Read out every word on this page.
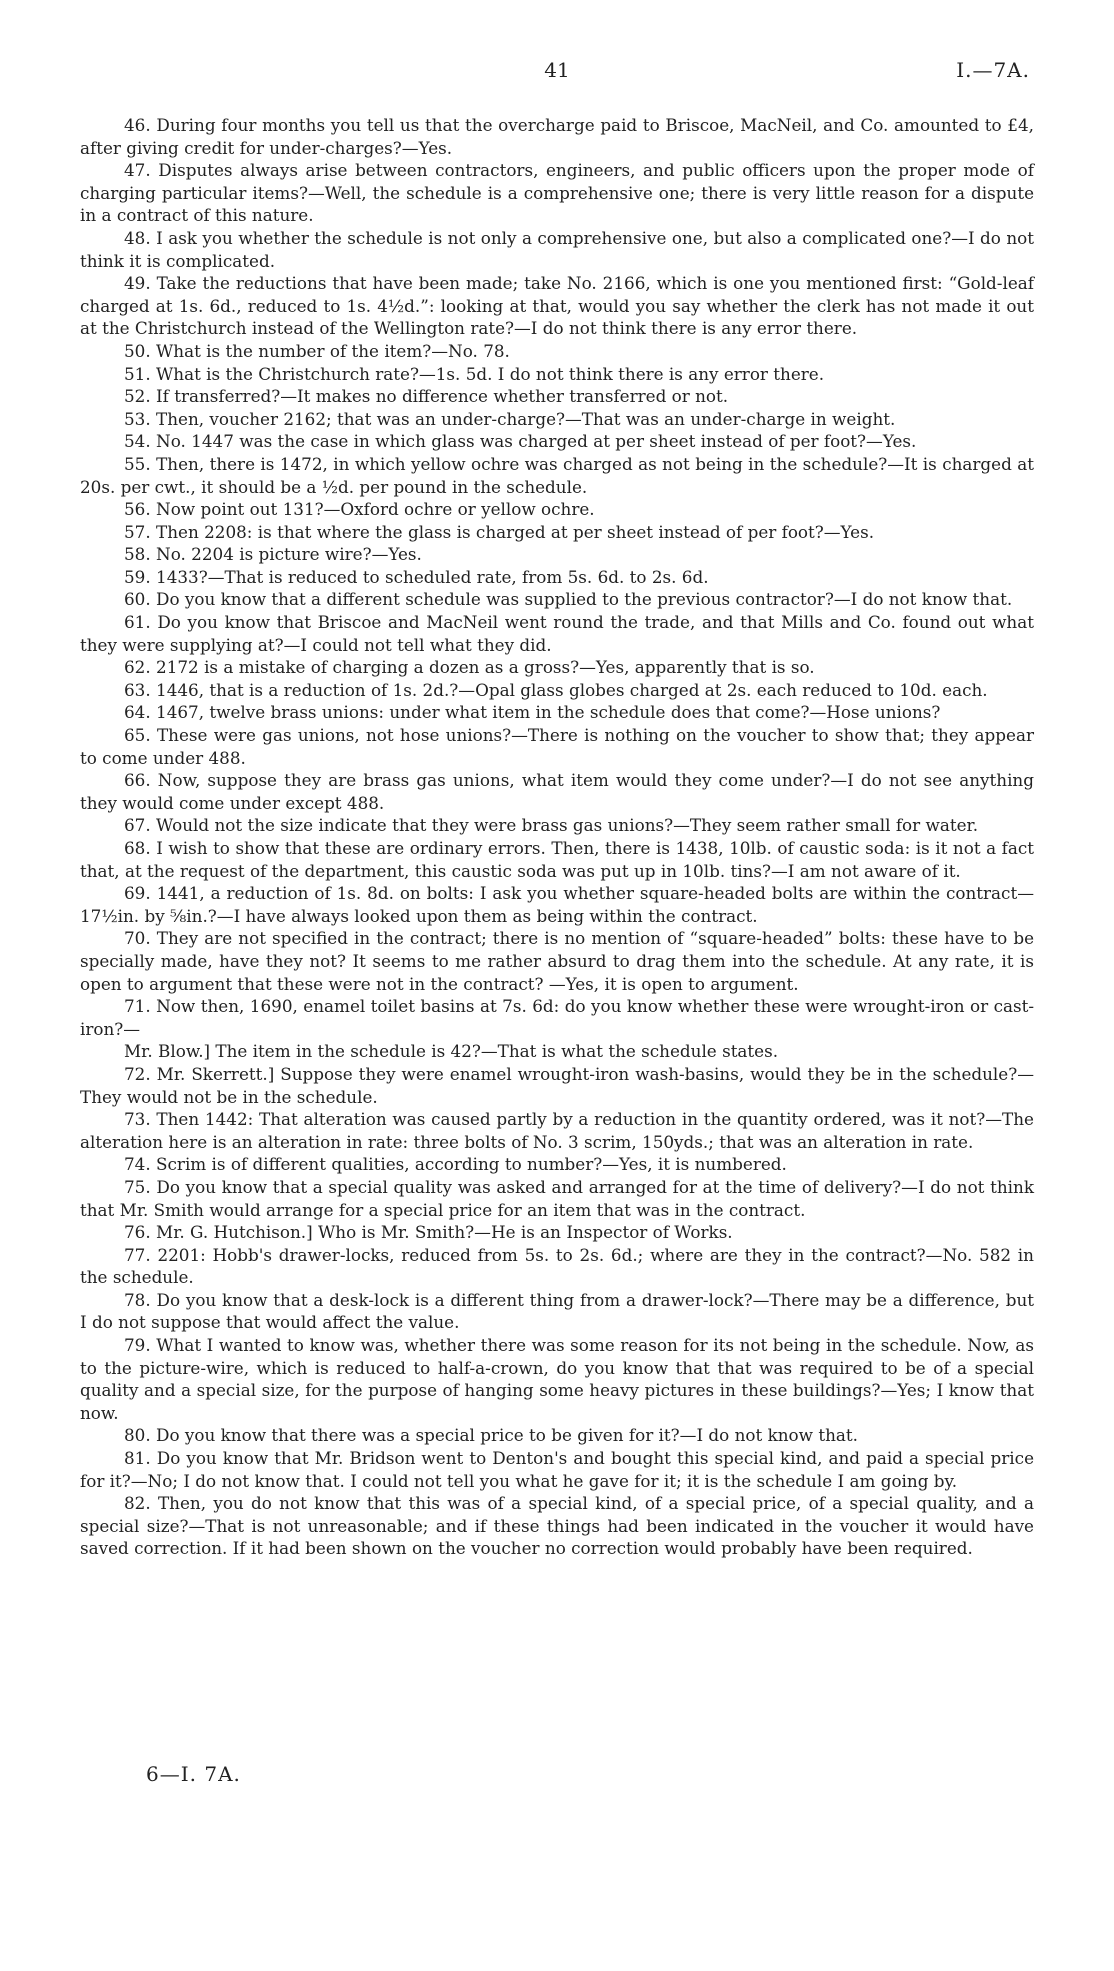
41	I.—7A.

46. During four months you tell us that the overcharge paid to Briscoe, MacNeil, and Co. amounted to £4, after giving credit for under-charges?—Yes.

47. Disputes always arise between contractors, engineers, and public officers upon the proper mode of charging particular items?—Well, the schedule is a comprehensive one; there is very little reason for a dispute in a contract of this nature.

48. I ask you whether the schedule is not only a comprehensive one, but also a complicated one?—I do not think it is complicated.

49. Take the reductions that have been made; take No. 2166, which is one you mentioned first: “Gold-leaf charged at 1s. 6d., reduced to 1s. 4½d.”: looking at that, would you say whether the clerk has not made it out at the Christchurch instead of the Wellington rate?—I do not think there is any error there.

50. What is the number of the item?—No. 78.

51. What is the Christchurch rate?—1s. 5d. I do not think there is any error there.

52. If transferred?—It makes no difference whether transferred or not.

53. Then, voucher 2162; that was an under-charge?—That was an under-charge in weight.

54. No. 1447 was the case in which glass was charged at per sheet instead of per foot?—Yes.

55. Then, there is 1472, in which yellow ochre was charged as not being in the schedule?—It is charged at 20s. per cwt., it should be a ½d. per pound in the schedule.

56. Now point out 131?—Oxford ochre or yellow ochre.

57. Then 2208: is that where the glass is charged at per sheet instead of per foot?—Yes.

58. No. 2204 is picture wire?—Yes.

59. 1433?—That is reduced to scheduled rate, from 5s. 6d. to 2s. 6d.

60. Do you know that a different schedule was supplied to the previous contractor?—I do not know that.

61. Do you know that Briscoe and MacNeil went round the trade, and that Mills and Co. found out what they were supplying at?—I could not tell what they did.

62. 2172 is a mistake of charging a dozen as a gross?—Yes, apparently that is so.

63. 1446, that is a reduction of 1s. 2d.?—Opal glass globes charged at 2s. each reduced to 10d. each.

64. 1467, twelve brass unions: under what item in the schedule does that come?—Hose unions?

65. These were gas unions, not hose unions?—There is nothing on the voucher to show that; they appear to come under 488.

66. Now, suppose they are brass gas unions, what item would they come under?—I do not see anything they would come under except 488.

67. Would not the size indicate that they were brass gas unions?—They seem rather small for water.

68. I wish to show that these are ordinary errors. Then, there is 1438, 10lb. of caustic soda: is it not a fact that, at the request of the department, this caustic soda was put up in 10lb. tins?—I am not aware of it.

69. 1441, a reduction of 1s. 8d. on bolts: I ask you whether square-headed bolts are within the contract—17½in. by ⅝in.?—I have always looked upon them as being within the contract.

70. They are not specified in the contract; there is no mention of “square-headed” bolts: these have to be specially made, have they not? It seems to me rather absurd to drag them into the schedule. At any rate, it is open to argument that these were not in the contract? —Yes, it is open to argument.

71. Now then, 1690, enamel toilet basins at 7s. 6d: do you know whether these were wrought-iron or cast-iron?—

Mr. Blow.] The item in the schedule is 42?—That is what the schedule states.

72. Mr. Skerrett.] Suppose they were enamel wrought-iron wash-basins, would they be in the schedule?—They would not be in the schedule.

73. Then 1442: That alteration was caused partly by a reduction in the quantity ordered, was it not?—The alteration here is an alteration in rate: three bolts of No. 3 scrim, 150yds.; that was an alteration in rate.

74. Scrim is of different qualities, according to number?—Yes, it is numbered.

75. Do you know that a special quality was asked and arranged for at the time of delivery?—I do not think that Mr. Smith would arrange for a special price for an item that was in the contract.

76. Mr. G. Hutchison.] Who is Mr. Smith?—He is an Inspector of Works.

77. 2201: Hobb's drawer-locks, reduced from 5s. to 2s. 6d.; where are they in the contract?—No. 582 in the schedule.

78. Do you know that a desk-lock is a different thing from a drawer-lock?—There may be a difference, but I do not suppose that would affect the value.

79. What I wanted to know was, whether there was some reason for its not being in the schedule. Now, as to the picture-wire, which is reduced to half-a-crown, do you know that that was required to be of a special quality and a special size, for the purpose of hanging some heavy pictures in these buildings?—Yes; I know that now.

80. Do you know that there was a special price to be given for it?—I do not know that.

81. Do you know that Mr. Bridson went to Denton's and bought this special kind, and paid a special price for it?—No; I do not know that. I could not tell you what he gave for it; it is the schedule I am going by.

82. Then, you do not know that this was of a special kind, of a special price, of a special quality, and a special size?—That is not unreasonable; and if these things had been indicated in the voucher it would have saved correction. If it had been shown on the voucher no correction would probably have been required.

6—I. 7A.
